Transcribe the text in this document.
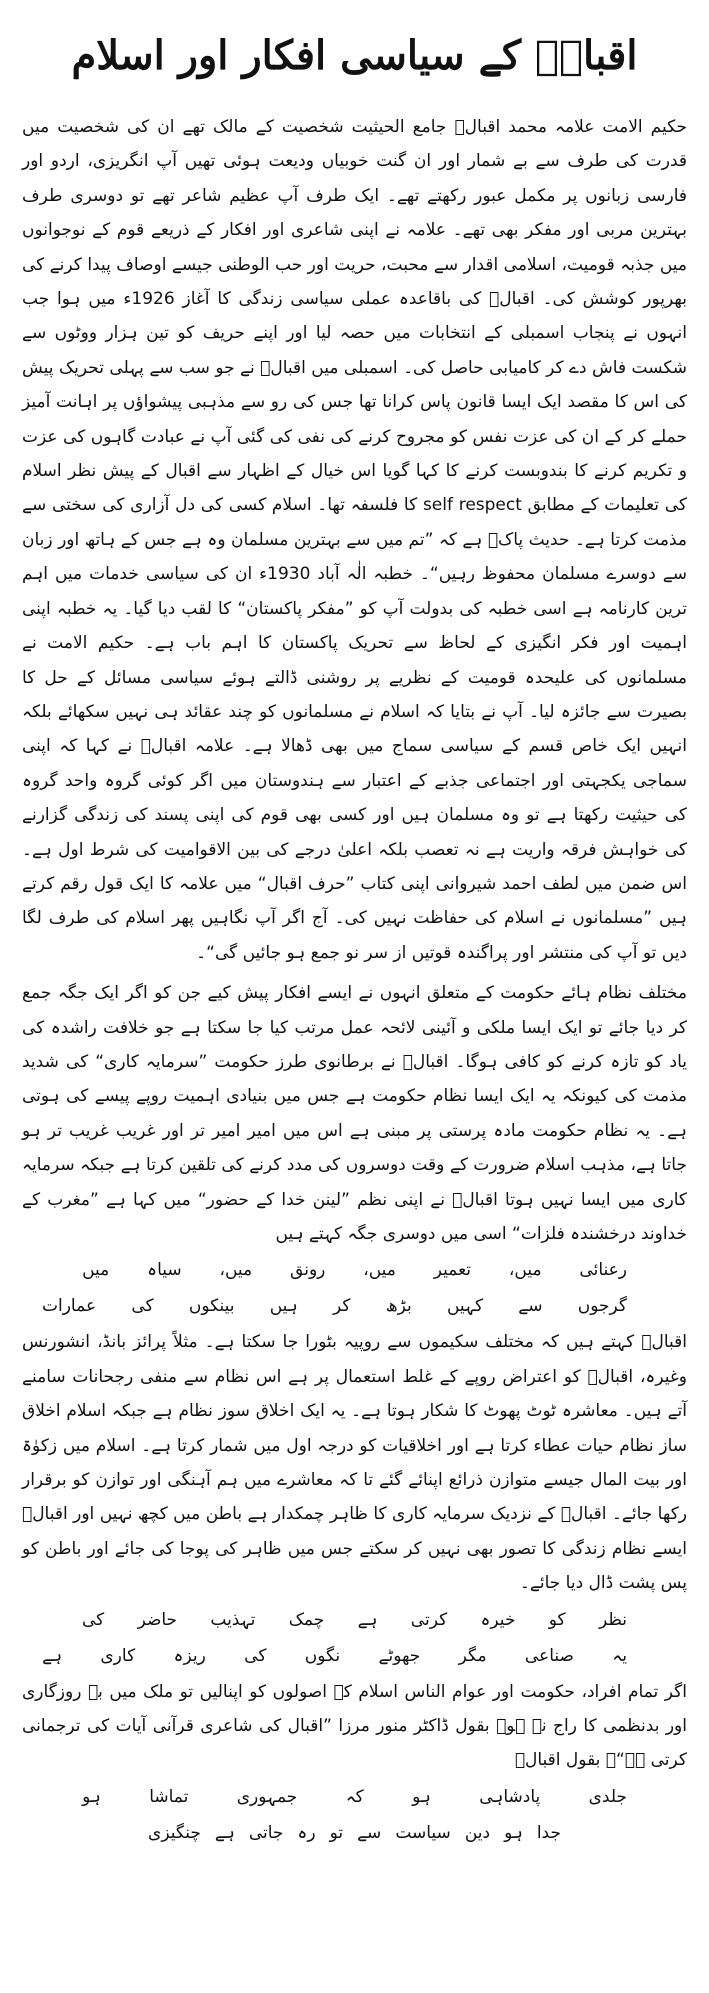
اقبالؒ کے سیاسی افکار اور اسلام

حکیم الامت علامہ محمد اقبالؒ جامع الحیثیت شخصیت کے مالک تھے ان کی شخصیت میں قدرت کی طرف سے بے شمار اور ان گنت خوبیاں ودیعت ہوئی تھیں آپ انگریزی، اردو اور فارسی زبانوں پر مکمل عبور رکھتے تھے۔ ایک طرف آپ عظیم شاعر تھے تو دوسری طرف بہترین مربی اور مفکر بھی تھے۔ علامہ نے اپنی شاعری اور افکار کے ذریعے قوم کے نوجوانوں میں جذبہ قومیت، اسلامی اقدار سے محبت، حریت اور حب الوطنی جیسے اوصاف پیدا کرنے کی بھرپور کوشش کی۔ اقبالؒ کی باقاعدہ عملی سیاسی زندگی کا آغاز 1926ء میں ہوا جب انہوں نے پنجاب اسمبلی کے انتخابات میں حصہ لیا اور اپنے حریف کو تین ہزار ووٹوں سے شکست فاش دے کر کامیابی حاصل کی۔ اسمبلی میں اقبالؒ نے جو سب سے پہلی تحریک پیش کی اس کا مقصد ایک ایسا قانون پاس کرانا تھا جس کی رو سے مذہبی پیشواؤں پر اہانت آمیز حملے کر کے ان کی عزت نفس کو مجروح کرنے کی نفی کی گئی آپ نے عبادت گاہوں کی عزت و تکریم کرنے کا بندوبست کرنے کا کہا گویا اس خیال کے اظہار سے اقبال کے پیش نظر اسلام کی تعلیمات کے مطابق self respect کا فلسفہ تھا۔ اسلام کسی کی دل آزاری کی سختی سے مذمت کرتا ہے۔ حدیث پاکؐ ہے کہ ”تم میں سے بہترین مسلمان وہ ہے جس کے ہاتھ اور زبان سے دوسرے مسلمان محفوظ رہیں“۔ خطبہ الٰہ آباد 1930ء ان کی سیاسی خدمات میں اہم ترین کارنامہ ہے اسی خطبہ کی بدولت آپ کو ”مفکر پاکستان“ کا لقب دیا گیا۔ یہ خطبہ اپنی اہمیت اور فکر انگیزی کے لحاظ سے تحریک پاکستان کا اہم باب ہے۔ حکیم الامت نے مسلمانوں کی علیحدہ قومیت کے نظریے پر روشنی ڈالتے ہوئے سیاسی مسائل کے حل کا بصیرت سے جائزہ لیا۔ آپ نے بتایا کہ اسلام نے مسلمانوں کو چند عقائد ہی نہیں سکھائے بلکہ انہیں ایک خاص قسم کے سیاسی سماج میں بھی ڈھالا ہے۔ علامہ اقبالؒ نے کہا کہ اپنی سماجی یکجہتی اور اجتماعی جذبے کے اعتبار سے ہندوستان میں اگر کوئی گروہ واحد گروہ کی حیثیت رکھتا ہے تو وہ مسلمان ہیں اور کسی بھی قوم کی اپنی پسند کی زندگی گزارنے کی خواہش فرقہ واریت ہے نہ تعصب بلکہ اعلیٰ درجے کی بین الاقوامیت کی شرط اول ہے۔ اس ضمن میں لطف احمد شیروانی اپنی کتاب ”حرف اقبال“ میں علامہ کا ایک قول رقم کرتے ہیں ”مسلمانوں نے اسلام کی حفاظت نہیں کی۔ آج اگر آپ نگاہیں پھر اسلام کی طرف لگا دیں تو آپ کی منتشر اور پراگندہ قوتیں از سر نو جمع ہو جائیں گی“۔

مختلف نظام ہائے حکومت کے متعلق انہوں نے ایسے افکار پیش کیے جن کو اگر ایک جگہ جمع کر دیا جائے تو ایک ایسا ملکی و آئینی لائحہ عمل مرتب کیا جا سکتا ہے جو خلافت راشدہ کی یاد کو تازہ کرنے کو کافی ہوگا۔ اقبالؒ نے برطانوی طرز حکومت ”سرمایہ کاری“ کی شدید مذمت کی کیونکہ یہ ایک ایسا نظام حکومت ہے جس میں بنیادی اہمیت روپے پیسے کی ہوتی ہے۔ یہ نظام حکومت مادہ پرستی پر مبنی ہے اس میں امیر امیر تر اور غریب غریب تر ہو جاتا ہے، مذہب اسلام ضرورت کے وقت دوسروں کی مدد کرنے کی تلقین کرتا ہے جبکہ سرمایہ کاری میں ایسا نہیں ہوتا اقبالؒ نے اپنی نظم ”لینن خدا کے حضور“ میں کہا ہے ”مغرب کے خداوند درخشندہ فلزات“ اسی میں دوسری جگہ کہتے ہیں

رعنائی
میں،
تعمیر
میں،
رونق
میں،
سیاہ
میں
گرجوں
سے
کہیں
بڑھ
کر
ہیں
بینکوں
کی
عمارات

اقبالؒ کہتے ہیں کہ مختلف سکیموں سے روپیہ بٹورا جا سکتا ہے۔ مثلاً پرائز بانڈ، انشورنس وغیرہ، اقبالؒ کو اعتراض روپے کے غلط استعمال پر ہے اس نظام سے منفی رجحانات سامنے آتے ہیں۔ معاشرہ ٹوٹ پھوٹ کا شکار ہوتا ہے۔ یہ ایک اخلاق سوز نظام ہے جبکہ اسلام اخلاق ساز نظام حیات عطاء کرتا ہے اور اخلاقیات کو درجہ اول میں شمار کرتا ہے۔ اسلام میں زکوٰۃ اور بیت المال جیسے متوازن ذرائع اپنائے گئے تا کہ معاشرے میں ہم آہنگی اور توازن کو برقرار رکھا جائے۔ اقبالؒ کے نزدیک سرمایہ کاری کا ظاہر چمکدار ہے باطن میں کچھ نہیں اور اقبالؒ ایسے نظام زندگی کا تصور بھی نہیں کر سکتے جس میں ظاہر کی پوجا کی جائے اور باطن کو پس پشت ڈال دیا جائے۔

نظر
کو
خیرہ
کرتی
ہے
چمک
تہذیب
حاضر
کی
یہ
صناعی
مگر
جھوٹے
نگوں
کی
ریزہ
کاری
ہے

اگر تمام افراد، حکومت اور عوام الناس اسلام کے اصولوں کو اپنالیں تو ملک میں بے روزگاری اور بدنظمی کا راج نہ ہو۔ بقول ڈاکٹر منور مرزا ”اقبال کی شاعری قرآنی آیات کی ترجمانی کرتی ہے“۔ بقول اقبالؒ

جلدی
پادشاہی
ہو
کہ
جمہوری
تماشا
ہو
جدا
ہو
دین
سیاست
سے
تو
رہ
جاتی
ہے
چنگیزی
